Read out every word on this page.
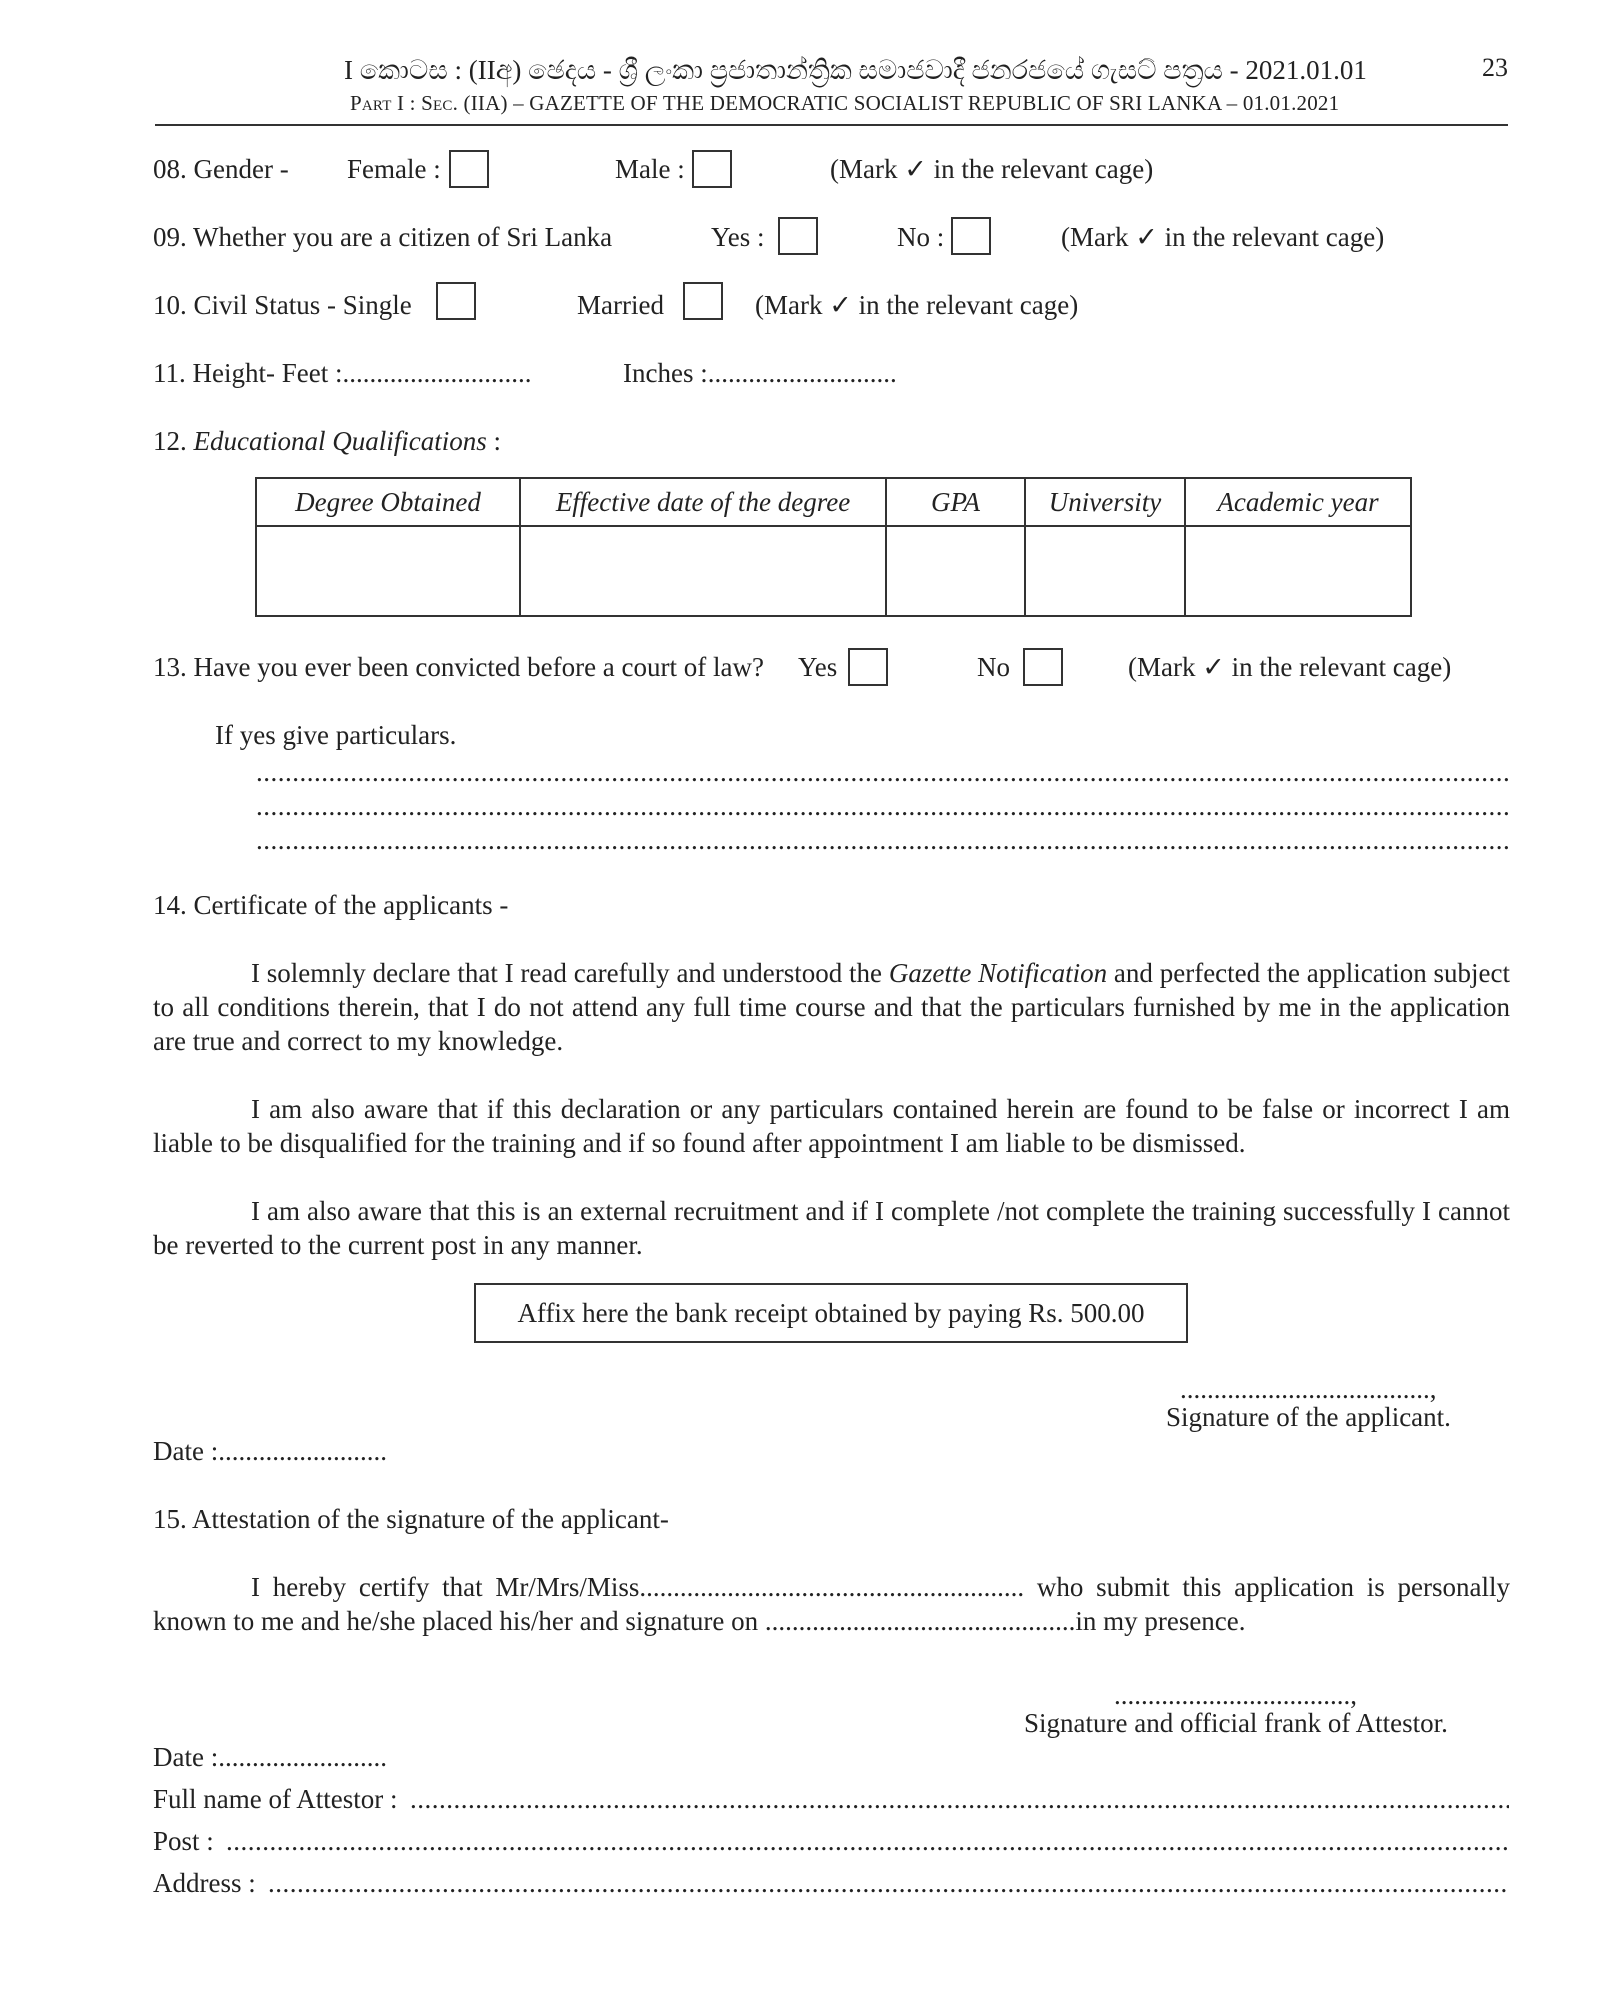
I කොටස : (IIඅ) ඡෙදය - ශ්‍රී ලංකා ප්‍රජාතාන්ත්‍රික සමාජවාදී ජනරජයේ ගැසට් පත්‍රය - 2021.01.01	23
Part I : Sec. (IIA) – GAZETTE OF THE DEMOCRATIC SOCIALIST REPUBLIC OF SRI LANKA – 01.01.2021
08. Gender - Female :	Male :	(Mark ✓ in the relevant cage)
09. Whether you are a citizen of Sri Lanka	Yes :	No :	(Mark ✓ in the relevant cage)
10. Civil Status - Single	Married	(Mark ✓ in the relevant cage)
11. Height- Feet :............................	Inches :............................
12. Educational Qualifications :
Degree Obtained	Effective date of the degree	GPA	University	Academic year

13. Have you ever been convicted before a court of law? Yes	No	(Mark ✓ in the relevant cage)
If yes give particulars.
.....
.....
.....
14. Certificate of the applicants -
I solemnly declare that I read carefully and understood the Gazette Notification and perfected the application subject to all conditions therein, that I do not attend any full time course and that the particulars furnished by me in the application are true and correct to my knowledge.
I am also aware that if this declaration or any particulars contained herein are found to be false or incorrect I am liable to be disqualified for the training and if so found after appointment I am liable to be dismissed.
I am also aware that this is an external recruitment and if I complete /not complete the training successfully I cannot be reverted to the current post in any manner.
Affix here the bank receipt obtained by paying Rs. 500.00
.....................................,
Signature of the applicant.
Date :.........................
15. Attestation of the signature of the applicant-
I hereby certify that Mr/Mrs/Miss......................................................... who submit this application is personally known to me and he/she placed his/her and signature on ..............................................in my presence.
...................................,
Signature and official frank of Attestor.
Date :.........................
Full name of Attestor :
.....
Post :
.....
Address :
.....
